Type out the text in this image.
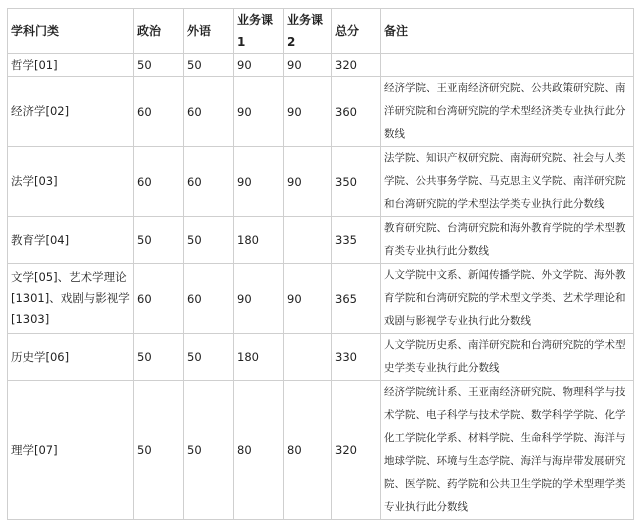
学科门类	政治	外语	业务课1	业务课2	总分	备注
哲学[01]	50	50	90	90	320	
经济学[02]	60	60	90	90	360	经济学院、王亚南经济研究院、公共政策研究院、南洋研究院和台湾研究院的学术型经济类专业执行此分数线
法学[03]	60	60	90	90	350	法学院、知识产权研究院、南海研究院、社会与人类学院、公共事务学院、马克思主义学院、南洋研究院和台湾研究院的学术型法学类专业执行此分数线
教育学[04]	50	50	180		335	教育研究院、台湾研究院和海外教育学院的学术型教育类专业执行此分数线
文学[05]、艺术学理论[1301]、戏剧与影视学[1303]	60	60	90	90	365	人文学院中文系、新闻传播学院、外文学院、海外教育学院和台湾研究院的学术型文学类、艺术学理论和戏剧与影视学专业执行此分数线
历史学[06]	50	50	180		330	人文学院历史系、南洋研究院和台湾研究院的学术型史学类专业执行此分数线
理学[07]	50	50	80	80	320	经济学院统计系、王亚南经济研究院、物理科学与技术学院、电子科学与技术学院、数学科学学院、化学化工学院化学系、材料学院、生命科学学院、海洋与地球学院、环境与生态学院、海洋与海岸带发展研究院、医学院、药学院和公共卫生学院的学术型理学类专业执行此分数线
